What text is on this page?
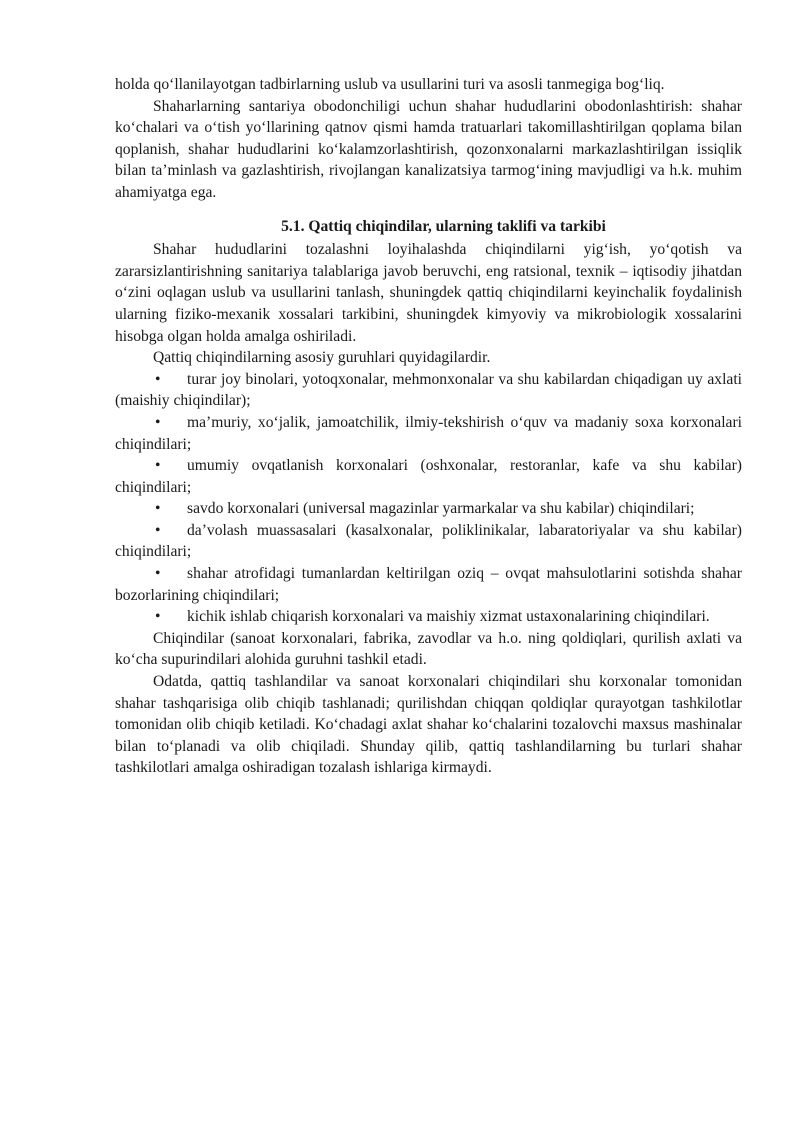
holda qo‘llanilayotgan tadbirlarning uslub va usullarini turi va asosli tanmegiga bog‘liq.

Shaharlarning santariya obodonchiligi uchun shahar hududlarini obodonlashtirish: shahar ko‘chalari va o‘tish yo‘llarining qatnov qismi hamda tratuarlari takomillashtirilgan qoplama bilan qoplanish, shahar hududlarini ko‘kalamzorlashtirish, qozonxonalarni markazlashtirilgan issiqlik bilan ta’minlash va gazlashtirish, rivojlangan kanalizatsiya tarmog‘ining mavjudligi va h.k. muhim ahamiyatga ega.

5.1. Qattiq chiqindilar, ularning taklifi va tarkibi

Shahar hududlarini tozalashni loyihalashda chiqindilarni yig‘ish, yo‘qotish va zararsizlantirishning sanitariya talablariga javob beruvchi, eng ratsional, texnik – iqtisodiy jihatdan o‘zini oqlagan uslub va usullarini tanlash, shuningdek qattiq chiqindilarni keyinchalik foydalinish ularning fiziko-mexanik xossalari tarkibini, shuningdek kimyoviy va mikrobiologik xossalarini hisobga olgan holda amalga oshiriladi.

Qattiq chiqindilarning asosiy guruhlari quyidagilardir.

• turar joy binolari, yotoqxonalar, mehmonxonalar va shu kabilardan chiqadigan uy axlati (maishiy chiqindilar);

• ma’muriy, xo‘jalik, jamoatchilik, ilmiy-tekshirish o‘quv va madaniy soxa korxonalari chiqindilari;

• umumiy ovqatlanish korxonalari (oshxonalar, restoranlar, kafe va shu kabilar) chiqindilari;

• savdo korxonalari (universal magazinlar yarmarkalar va shu kabilar) chiqindilari;

• da’volash muassasalari (kasalxonalar, poliklinikalar, labaratoriyalar va shu kabilar) chiqindilari;

• shahar atrofidagi tumanlardan keltirilgan oziq – ovqat mahsulotlarini sotishda shahar bozorlarining chiqindilari;

• kichik ishlab chiqarish korxonalari va maishiy xizmat ustaxonalarining chiqindilari.

Chiqindilar (sanoat korxonalari, fabrika, zavodlar va h.o. ning qoldiqlari, qurilish axlati va ko‘cha supurindilari alohida guruhni tashkil etadi.

Odatda, qattiq tashlandilar va sanoat korxonalari chiqindilari shu korxonalar tomonidan shahar tashqarisiga olib chiqib tashlanadi; qurilishdan chiqqan qoldiqlar qurayotgan tashkilotlar tomonidan olib chiqib ketiladi. Ko‘chadagi axlat shahar ko‘chalarini tozalovchi maxsus mashinalar bilan to‘planadi va olib chiqiladi. Shunday qilib, qattiq tashlandilarning bu turlari shahar tashkilotlari amalga oshiradigan tozalash ishlariga kirmaydi.
